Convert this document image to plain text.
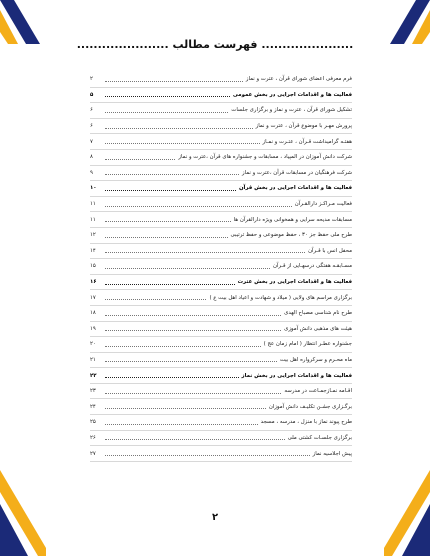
...................... فهرست مطالب ......................
فرم معرفی اعضای شورای قرآن ، عترت و نماز
۲
فعالیت ها و اقدامات اجرایی در بخش عمومی
۵
تشکیل شورای قرآن ، عترت و نماز و برگزاری جلسات
۶
پرورش مهـر با موضوع قرآن ، عترت و نماز
۶
هفتـه گرامیداشت قـرآن ، عتـرت و نمـاز
۷
شرکت دانش آموزان در المپیاد ، مسابقات و جشنواره های قرآن ،عترت و نماز
۸
شرکت فرهنگیان در مسابقات قرآن ،عترت و نماز
۹
فعالیت ها و اقدامات اجرایی در بخش قرآن
۱۰
فعالیت مـراکـز دارالقـرآن
۱۱
مسابقات مدیحه سرایی و همخوانی ویژه دارالقرآن ها
۱۱
طرح ملی حفظ جز ۳۰ ، حفظ موضوعی و حفظ ترتیبی
۱۲
محفل انس با قـرآن
۱۴
مسـابقـه هفتگی درسهـایی از قـرآن
۱۵
فعالیت ها و اقدامات اجرایی در بخش عترت
۱۶
برگزاری مراسم های ولایی ( میلاد و شهادت و اعیاد اهل بیت ع )
۱۷
طرح نام شناسی مصباح الهدی
۱۸
هیئت های مذهبی دانش آموزی
۱۹
جشنواره عطـر انتظار ( امام زمان عج )
۲۰
ماه محـرم و سرکرواره اهل بیت
۲۱
فعالیت ها و اقدامات اجرایی در بخش نماز
۲۲
اقـامه نمـازجمـاعت در مدرسه
۲۳
برگـزاری جشـن تکلیـف دانش آموزان
۲۴
طرح پیوند نماز با منزل ، مدرسه ، مسجد
۲۵
برگزاری جلسـات کشتی ملی
۲۶
پیش اجلاسیه نماز
۲۷
۲
